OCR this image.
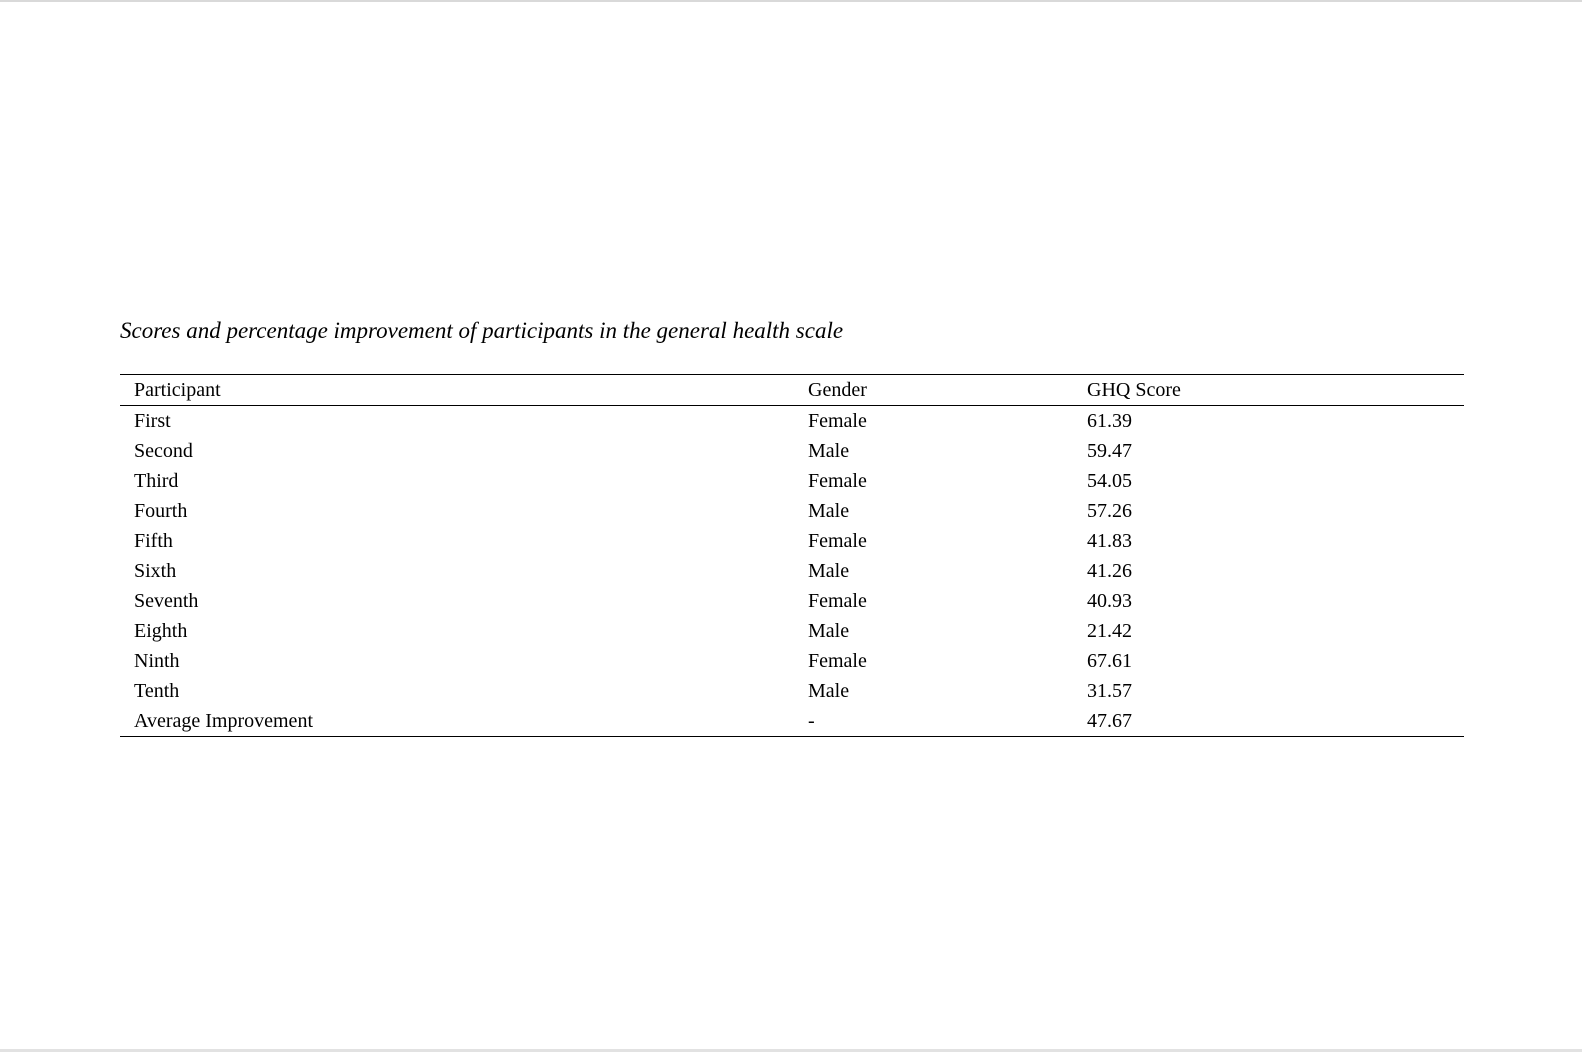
Scores and percentage improvement of participants in the general health scale
Participant	Gender	GHQ Score
First	Female	61.39
Second	Male	59.47
Third	Female	54.05
Fourth	Male	57.26
Fifth	Female	41.83
Sixth	Male	41.26
Seventh	Female	40.93
Eighth	Male	21.42
Ninth	Female	67.61
Tenth	Male	31.57
Average Improvement	-	47.67
